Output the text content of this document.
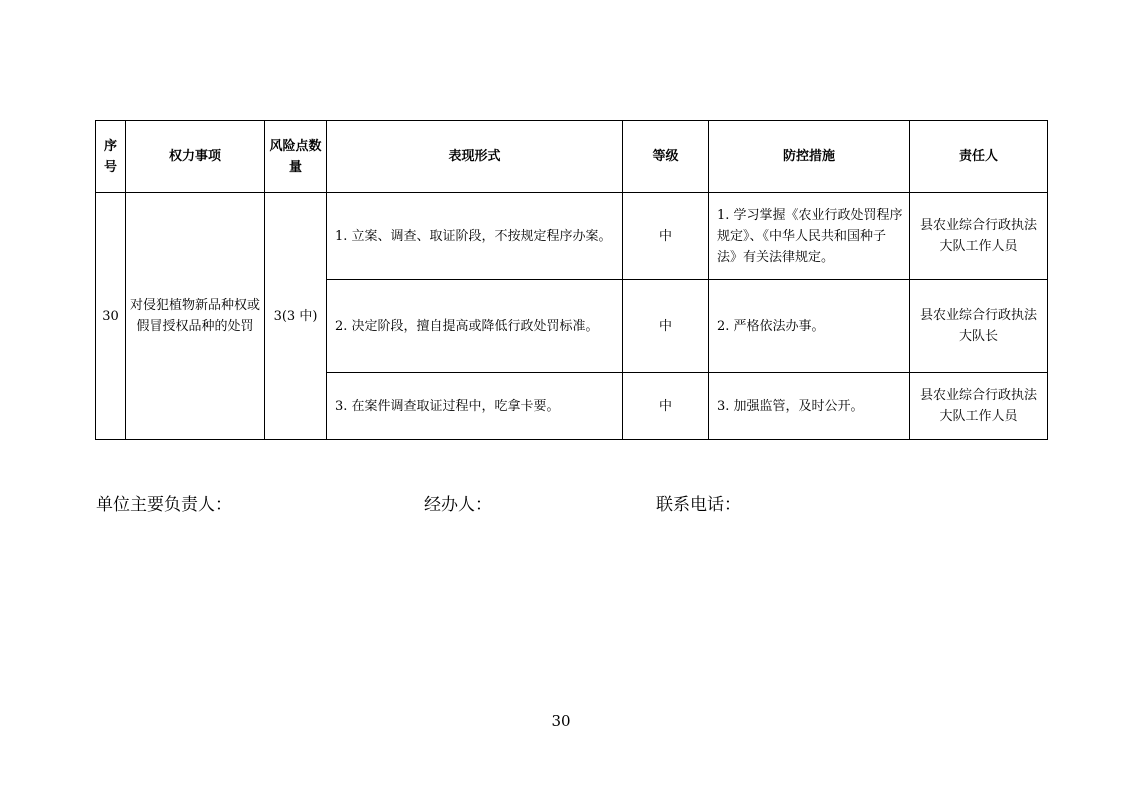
序号	权力事项	风险点数量	表现形式	等级	防控措施	责任人
30	对侵犯植物新品种权或假冒授权品种的处罚	3(3 中)	1. 立案、调查、取证阶段，不按规定程序办案。	中	1. 学习掌握《农业行政处罚程序规定》、《中华人民共和国种子法》有关法律规定。	县农业综合行政执法大队工作人员
			2. 决定阶段，擅自提高或降低行政处罚标准。	中	2. 严格依法办事。	县农业综合行政执法大队长
			3. 在案件调查取证过程中，吃拿卡要。	中	3. 加强监管，及时公开。	县农业综合行政执法大队工作人员
单位主要负责人：	经办人：	联系电话：
30
